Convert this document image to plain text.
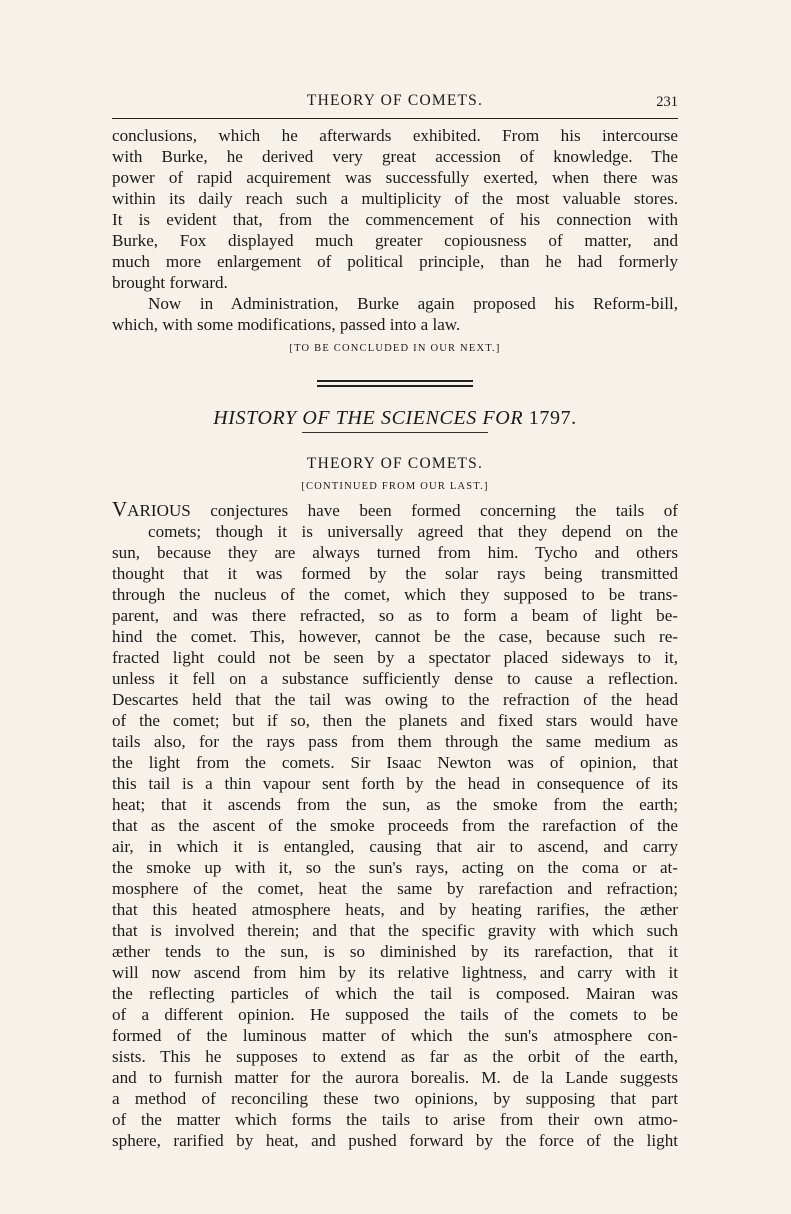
THEORY OF COMETS.	231

conclusions, which he afterwards exhibited. From his intercourse

with Burke, he derived very great accession of knowledge. The

power of rapid acquirement was successfully exerted, when there was

within its daily reach such a multiplicity of the most valuable stores.

It is evident that, from the commencement of his connection with

Burke, Fox displayed much greater copiousness of matter, and

much more enlargement of political principle, than he had formerly

brought forward.

Now in Administration, Burke again proposed his Reform-bill,

which, with some modifications, passed into a law.

[TO BE CONCLUDED IN OUR NEXT.]
HISTORY OF THE SCIENCES FOR 1797.
THEORY OF COMETS.
[CONTINUED FROM OUR LAST.]

VARIOUS conjectures have been formed concerning the tails of

comets; though it is universally agreed that they depend on the

sun, because they are always turned from him. Tycho and others

thought that it was formed by the solar rays being transmitted

through the nucleus of the comet, which they supposed to be trans-

parent, and was there refracted, so as to form a beam of light be-

hind the comet. This, however, cannot be the case, because such re-

fracted light could not be seen by a spectator placed sideways to it,

unless it fell on a substance sufficiently dense to cause a reflection.

Descartes held that the tail was owing to the refraction of the head

of the comet; but if so, then the planets and fixed stars would have

tails also, for the rays pass from them through the same medium as

the light from the comets. Sir Isaac Newton was of opinion, that

this tail is a thin vapour sent forth by the head in consequence of its

heat; that it ascends from the sun, as the smoke from the earth;

that as the ascent of the smoke proceeds from the rarefaction of the

air, in which it is entangled, causing that air to ascend, and carry

the smoke up with it, so the sun's rays, acting on the coma or at-

mosphere of the comet, heat the same by rarefaction and refraction;

that this heated atmosphere heats, and by heating rarifies, the æther

that is involved therein; and that the specific gravity with which such

æther tends to the sun, is so diminished by its rarefaction, that it

will now ascend from him by its relative lightness, and carry with it

the reflecting particles of which the tail is composed. Mairan was

of a different opinion. He supposed the tails of the comets to be

formed of the luminous matter of which the sun's atmosphere con-

sists. This he supposes to extend as far as the orbit of the earth,

and to furnish matter for the aurora borealis. M. de la Lande suggests

a method of reconciling these two opinions, by supposing that part

of the matter which forms the tails to arise from their own atmo-

sphere, rarified by heat, and pushed forward by the force of the light
